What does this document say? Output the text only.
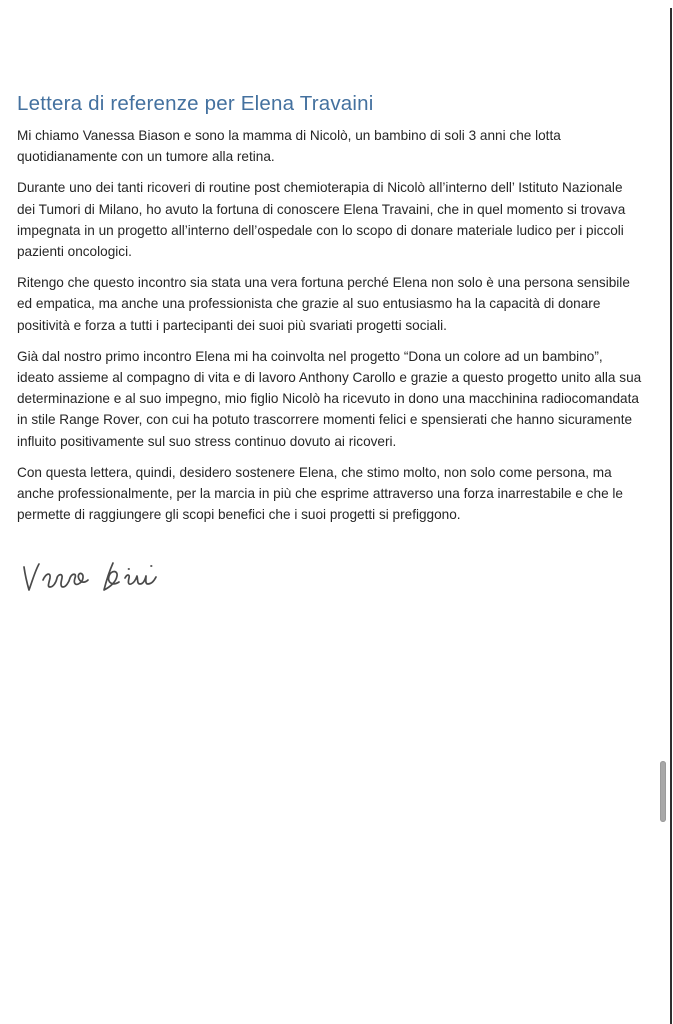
Lettera di referenze per Elena Travaini

Mi chiamo Vanessa Biason e sono la mamma di Nicolò, un bambino di soli 3 anni che lotta quotidianamente con un tumore alla retina.

Durante uno dei tanti ricoveri di routine post chemioterapia di Nicolò all’interno dell’ Istituto Nazionale dei Tumori di Milano, ho avuto la fortuna di conoscere Elena Travaini, che in quel momento si trovava impegnata in un progetto all’interno dell’ospedale con lo scopo di donare materiale ludico per i piccoli pazienti oncologici.

Ritengo che questo incontro sia stata una vera fortuna perché Elena non solo è una persona sensibile ed empatica, ma anche una professionista che grazie al suo entusiasmo ha la capacità di donare positività e forza a tutti i partecipanti dei suoi più svariati progetti sociali.

Già dal nostro primo incontro Elena mi ha coinvolta nel progetto “Dona un colore ad un bambino”, ideato assieme al compagno di vita e di lavoro Anthony Carollo e grazie a questo progetto unito alla sua determinazione e al suo impegno, mio figlio Nicolò ha ricevuto in dono una macchinina radiocomandata in stile Range Rover, con cui ha potuto trascorrere momenti felici e spensierati che hanno sicuramente influito positivamente sul suo stress continuo dovuto ai ricoveri.

Con questa lettera, quindi, desidero sostenere Elena, che stimo molto, non solo come persona, ma anche professionalmente, per la marcia in più che esprime attraverso una forza inarrestabile e che le permette di raggiungere gli scopi benefici che i suoi progetti si prefiggono.
